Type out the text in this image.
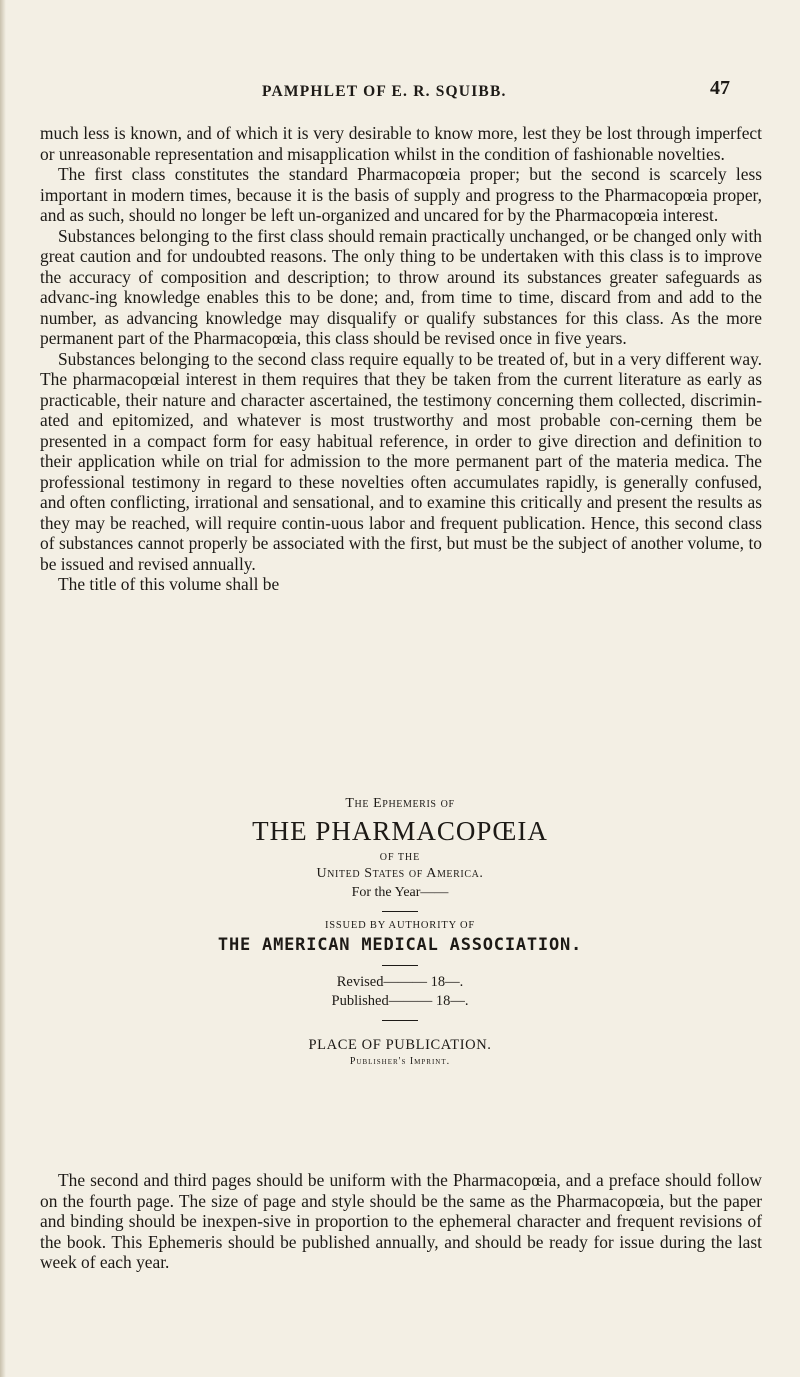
PAMPHLET OF E. R. SQUIBB.	47

much less is known, and of which it is very desirable to know more, lest they be lost through imperfect or unreasonable representation and misapplication whilst in the condition of fashionable novelties.

The first class constitutes the standard Pharmacopœia proper; but the second is scarcely less important in modern times, because it is the basis of supply and progress to the Pharmacopœia proper, and as such, should no longer be left un-organized and uncared for by the Pharmacopœia interest.

Substances belonging to the first class should remain practically unchanged, or be changed only with great caution and for undoubted reasons. The only thing to be undertaken with this class is to improve the accuracy of composition and description; to throw around its substances greater safeguards as advanc-ing knowledge enables this to be done; and, from time to time, discard from and add to the number, as advancing knowledge may disqualify or qualify substances for this class. As the more permanent part of the Pharmacopœia, this class should be revised once in five years.

Substances belonging to the second class require equally to be treated of, but in a very different way. The pharmacopœial interest in them requires that they be taken from the current literature as early as practicable, their nature and character ascertained, the testimony concerning them collected, discrimin-ated and epitomized, and whatever is most trustworthy and most probable con-cerning them be presented in a compact form for easy habitual reference, in order to give direction and definition to their application while on trial for admission to the more permanent part of the materia medica. The professional testimony in regard to these novelties often accumulates rapidly, is generally confused, and often conflicting, irrational and sensational, and to examine this critically and present the results as they may be reached, will require contin-uous labor and frequent publication. Hence, this second class of substances cannot properly be associated with the first, but must be the subject of another volume, to be issued and revised annually.

The title of this volume shall be

The Ephemeris of
THE PHARMACOPŒIA
OF THE
United States of America.
For the Year——
ISSUED BY AUTHORITY OF
THE AMERICAN MEDICAL ASSOCIATION.
Revised——— 18—.
Published——— 18—.
PLACE OF PUBLICATION.
Publisher's Imprint.

The second and third pages should be uniform with the Pharmacopœia, and a preface should follow on the fourth page. The size of page and style should be the same as the Pharmacopœia, but the paper and binding should be inexpen-sive in proportion to the ephemeral character and frequent revisions of the book. This Ephemeris should be published annually, and should be ready for issue during the last week of each year.
